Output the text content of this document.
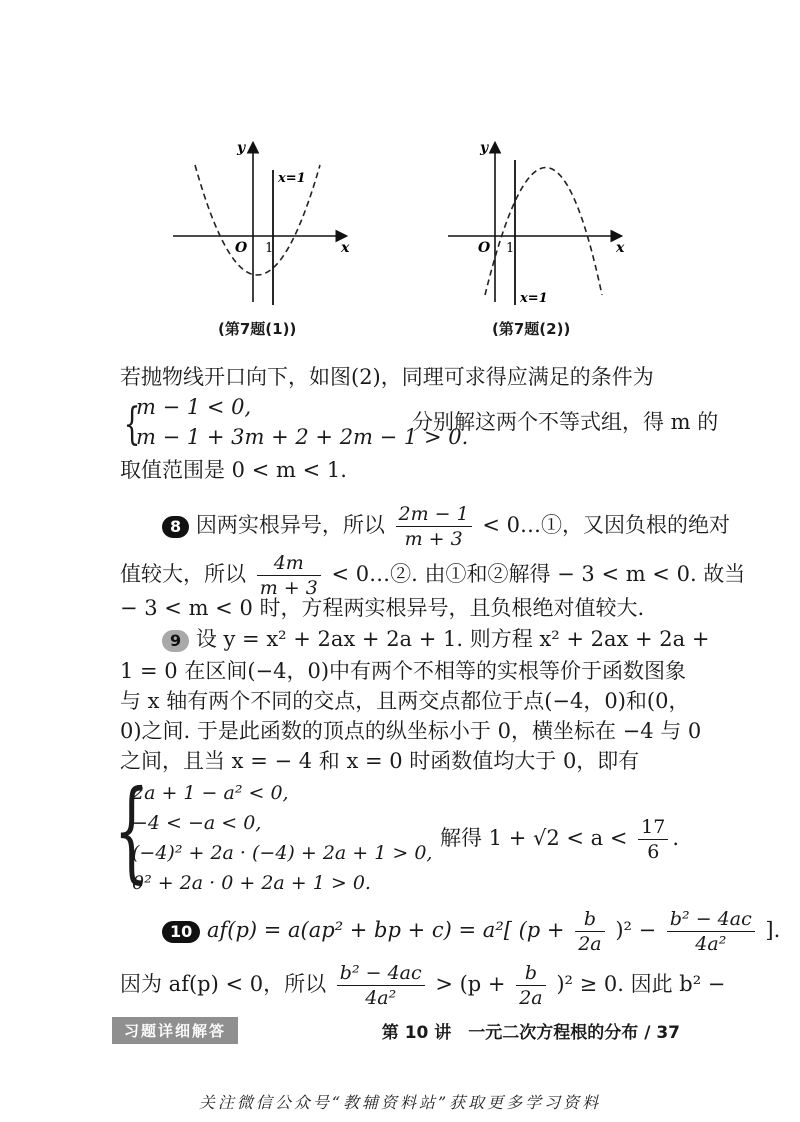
y
x
O 1
x=1
(第7题(1))
y
x
O 1
x=1
(第7题(2))
若抛物线开口向下，如图(2)，同理可求得应满足的条件为
{
m − 1 < 0,
m − 1 + 3m + 2 + 2m − 1 > 0.
分别解这两个不等式组，得 m 的
取值范围是 0 < m < 1.
8 因两实根异号，所以 $\frac{2m - 1}{m + 3}$ < 0…①，又因负根的绝对
值较大，所以 $\frac{4m}{m + 3}$ < 0…②. 由①和②解得 − 3 < m < 0. 故当
− 3 < m < 0 时，方程两实根异号，且负根绝对值较大.
9 设 y = x² + 2ax + 2a + 1. 则方程 x² + 2ax + 2a +
1 = 0 在区间(−4，0)中有两个不相等的实根等价于函数图象
与 x 轴有两个不同的交点，且两交点都位于点(−4，0)和(0，
0)之间. 于是此函数的顶点的纵坐标小于 0，横坐标在 −4 与 0
之间，且当 x = − 4 和 x = 0 时函数值均大于 0，即有
{
2a + 1 − a² < 0,
−4 < −a < 0,
(−4)² + 2a · (−4) + 2a + 1 > 0,
0² + 2a · 0 + 2a + 1 > 0.
解得 $1 + √2 < a < \frac{17}{6}$ .
10 af(p) = a(ap² + bp + c) = a²[ $(p + \frac{b}{2a} )^2 - \frac{\text{b² − 4ac}}{\text{4a²}}$ ].
因为 af(p) < 0，所以 $\frac{\text{b² − 4ac}}{\text{4a²}} > (p + \frac{b}{2a} )^2 \ge 0$. 因此 b² −
习题详细解答	第 10 讲　一元二次方程根的分布 / 37
关注微信公众号“教辅资料站”获取更多学习资料
